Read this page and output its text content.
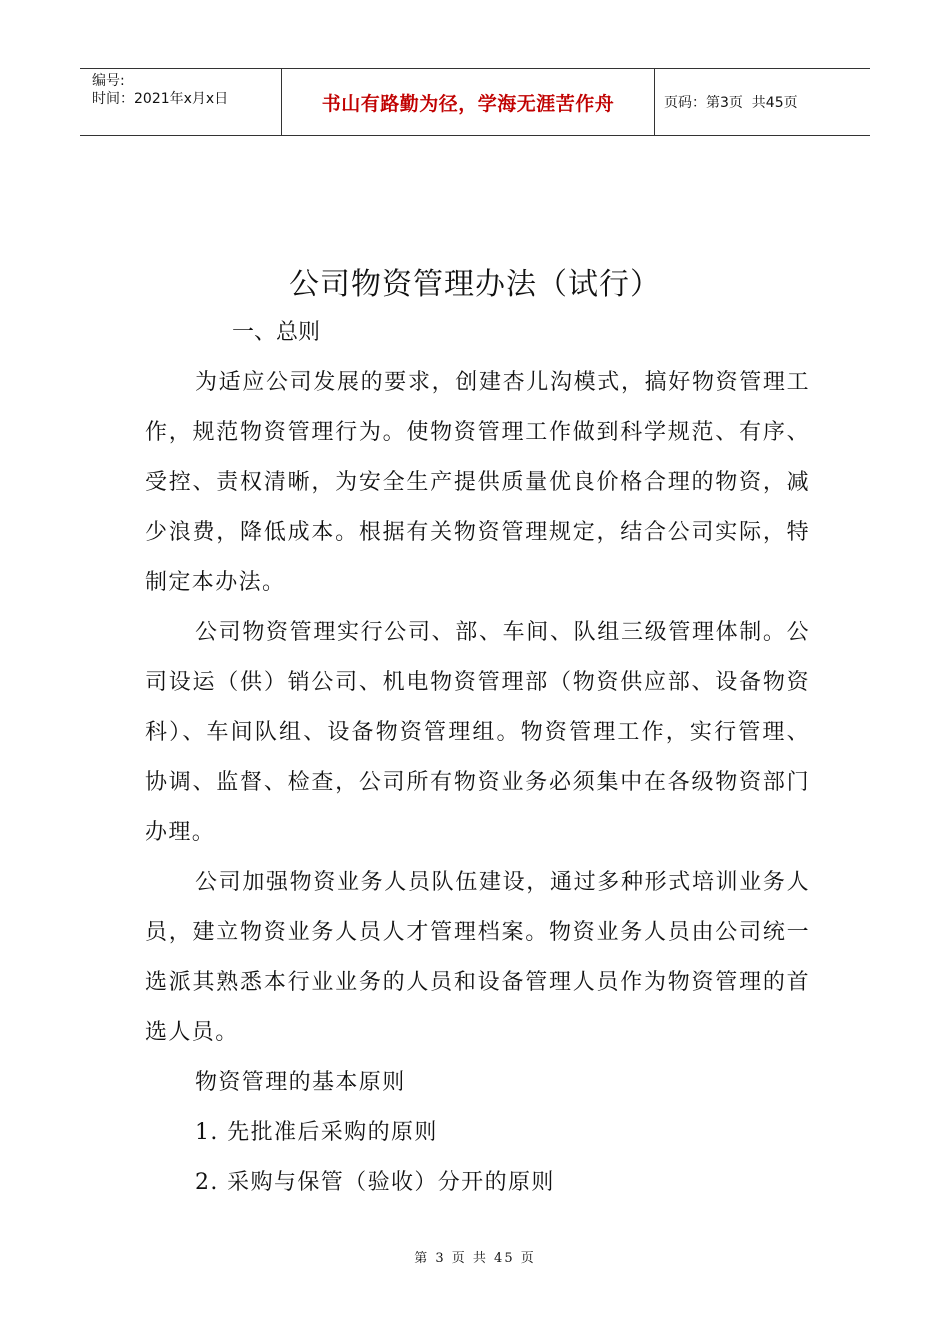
编号:
时间：2021年x月x日	书山有路勤为径，学海无涯苦作舟	页码：第3页  共45页
公司物资管理办法（试行）
一、总则

为适应公司发展的要求，创建杏儿沟模式，搞好物资管理工作，规范物资管理行为。使物资管理工作做到科学规范、有序、受控、责权清晰，为安全生产提供质量优良价格合理的物资，减少浪费，降低成本。根据有关物资管理规定，结合公司实际，特制定本办法。

公司物资管理实行公司、部、车间、队组三级管理体制。公司设运（供）销公司、机电物资管理部（物资供应部、设备物资科）、车间队组、设备物资管理组。物资管理工作，实行管理、协调、监督、检查，公司所有物资业务必须集中在各级物资部门办理。

公司加强物资业务人员队伍建设，通过多种形式培训业务人员，建立物资业务人员人才管理档案。物资业务人员由公司统一选派其熟悉本行业业务的人员和设备管理人员作为物资管理的首选人员。

物资管理的基本原则

1. 先批准后采购的原则

2. 采购与保管（验收）分开的原则

第 3 页 共 45 页
